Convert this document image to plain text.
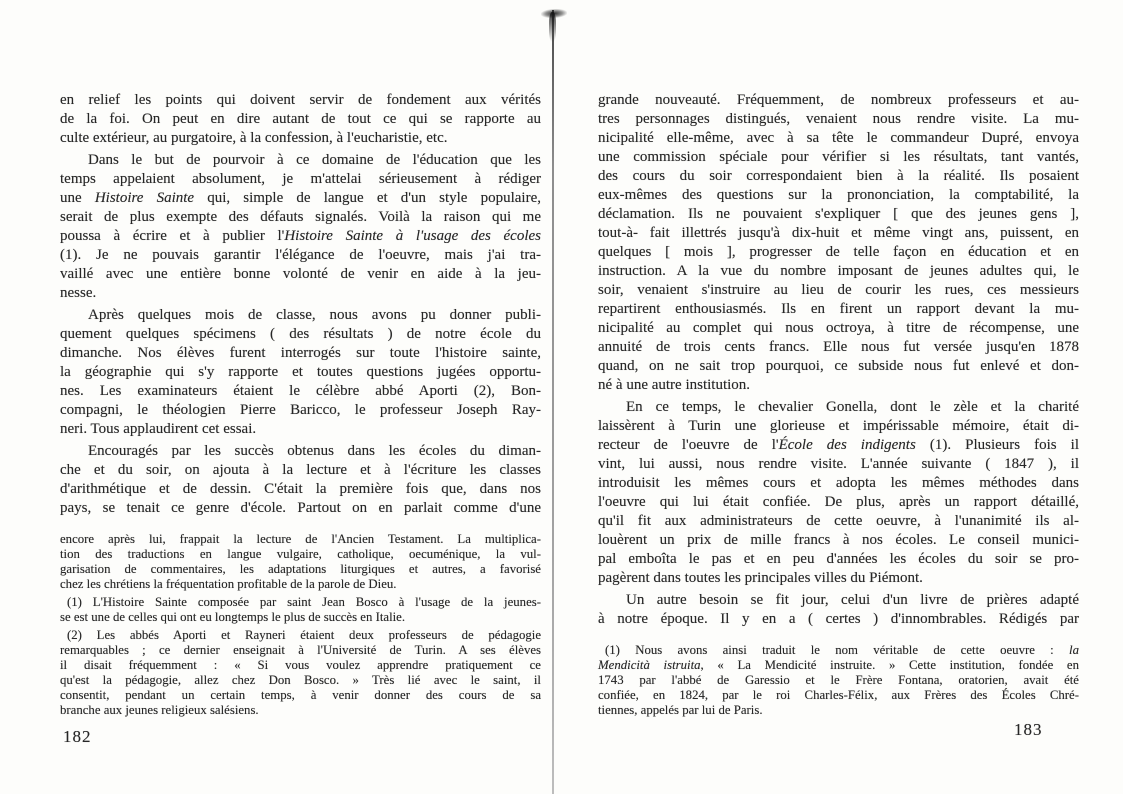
en relief les points qui doivent servir de fondement aux vérités
de la foi. On peut en dire autant de tout ce qui se rapporte au
culte extérieur, au purgatoire, à la confession, à l'eucharistie, etc.
Dans le but de pourvoir à ce domaine de l'éducation que les
temps appelaient absolument, je m'attelai sérieusement à rédiger
une Histoire Sainte qui, simple de langue et d'un style populaire,
serait de plus exempte des défauts signalés. Voilà la raison qui me
poussa à écrire et à publier l'Histoire Sainte à l'usage des écoles
(1). Je ne pouvais garantir l'élégance de l'oeuvre, mais j'ai tra-
vaillé avec une entière bonne volonté de venir en aide à la jeu-
nesse.
Après quelques mois de classe, nous avons pu donner publi-
quement quelques spécimens ( des résultats ) de notre école du
dimanche. Nos élèves furent interrogés sur toute l'histoire sainte,
la géographie qui s'y rapporte et toutes questions jugées opportu-
nes. Les examinateurs étaient le célèbre abbé Aporti (2), Bon-
compagni, le théologien Pierre Baricco, le professeur Joseph Ray-
neri. Tous applaudirent cet essai.
Encouragés par les succès obtenus dans les écoles du diman-
che et du soir, on ajouta à la lecture et à l'écriture les classes
d'arithmétique et de dessin. C'était la première fois que, dans nos
pays, se tenait ce genre d'école. Partout on en parlait comme d'une
encore après lui, frappait la lecture de l'Ancien Testament. La multiplica-
tion des traductions en langue vulgaire, catholique, oecuménique, la vul-
garisation de commentaires, les adaptations liturgiques et autres, a favorisé
chez les chrétiens la fréquentation profitable de la parole de Dieu.
(1) L'Histoire Sainte composée par saint Jean Bosco à l'usage de la jeunes-
se est une de celles qui ont eu longtemps le plus de succès en Italie.
(2) Les abbés Aporti et Rayneri étaient deux professeurs de pédagogie
remarquables ; ce dernier enseignait à l'Université de Turin. A ses élèves
il disait fréquemment : « Si vous voulez apprendre pratiquement ce
qu'est la pédagogie, allez chez Don Bosco. » Très lié avec le saint, il
consentit, pendant un certain temps, à venir donner des cours de sa
branche aux jeunes religieux salésiens.
grande nouveauté. Fréquemment, de nombreux professeurs et au-
tres personnages distingués, venaient nous rendre visite. La mu-
nicipalité elle-même, avec à sa tête le commandeur Dupré, envoya
une commission spéciale pour vérifier si les résultats, tant vantés,
des cours du soir correspondaient bien à la réalité. Ils posaient
eux-mêmes des questions sur la prononciation, la comptabilité, la
déclamation. Ils ne pouvaient s'expliquer [ que des jeunes gens ],
tout-à- fait illettrés jusqu'à dix-huit et même vingt ans, puissent, en
quelques [ mois ], progresser de telle façon en éducation et en
instruction. A la vue du nombre imposant de jeunes adultes qui, le
soir, venaient s'instruire au lieu de courir les rues, ces messieurs
repartirent enthousiasmés. Ils en firent un rapport devant la mu-
nicipalité au complet qui nous octroya, à titre de récompense, une
annuité de trois cents francs. Elle nous fut versée jusqu'en 1878
quand, on ne sait trop pourquoi, ce subside nous fut enlevé et don-
né à une autre institution.
En ce temps, le chevalier Gonella, dont le zèle et la charité
laissèrent à Turin une glorieuse et impérissable mémoire, était di-
recteur de l'oeuvre de l'École des indigents (1). Plusieurs fois il
vint, lui aussi, nous rendre visite. L'année suivante ( 1847 ), il
introduisit les mêmes cours et adopta les mêmes méthodes dans
l'oeuvre qui lui était confiée. De plus, après un rapport détaillé,
qu'il fit aux administrateurs de cette oeuvre, à l'unanimité ils al-
louèrent un prix de mille francs à nos écoles. Le conseil munici-
pal emboîta le pas et en peu d'années les écoles du soir se pro-
pagèrent dans toutes les principales villes du Piémont.
Un autre besoin se fit jour, celui d'un livre de prières adapté
à notre époque. Il y en a ( certes ) d'innombrables. Rédigés par
(1) Nous avons ainsi traduit le nom véritable de cette oeuvre : la
Mendicità istruita, « La Mendicité instruite. » Cette institution, fondée en
1743 par l'abbé de Garessio et le Frère Fontana, oratorien, avait été
confiée, en 1824, par le roi Charles-Félix, aux Frères des Écoles Chré-
tiennes, appelés par lui de Paris.
182	183
